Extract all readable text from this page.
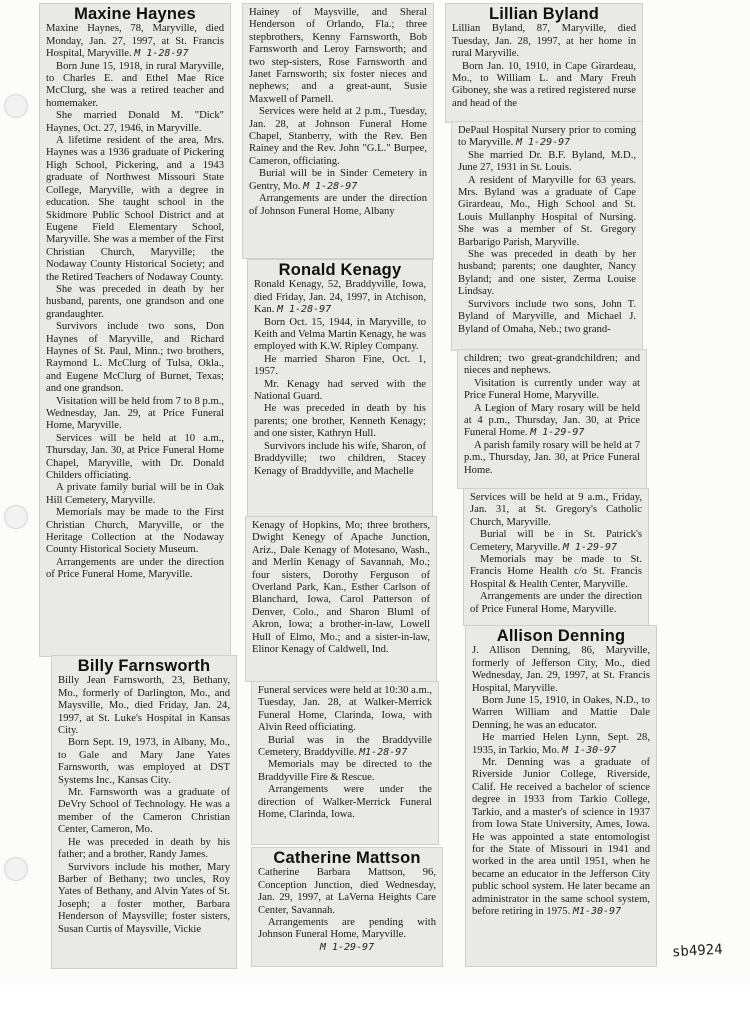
Maxine Haynes

Maxine Haynes, 78, Maryville, died Monday, Jan. 27, 1997, at St. Francis Hospital, Maryville. M 1-28-97

Born June 15, 1918, in rural Maryville, to Charles E. and Ethel Mae Rice McClurg, she was a retired teacher and homemaker.

She married Donald M. "Dick" Haynes, Oct. 27, 1946, in Maryville.

A lifetime resident of the area, Mrs. Haynes was a 1936 graduate of Pickering High School, Pickering, and a 1943 graduate of Northwest Missouri State College, Maryville, with a degree in education. She taught school in the Skidmore Public School District and at Eugene Field Elementary School, Maryville. She was a member of the First Christian Church, Maryville; the Nodaway County Historical Society; and the Retired Teachers of Nodaway County.

She was preceded in death by her husband, parents, one grandson and one grandaughter.

Survivors include two sons, Don Haynes of Maryville, and Richard Haynes of St. Paul, Minn.; two brothers, Raymond L. McClurg of Tulsa, Okla., and Eugene McClurg of Burnet, Texas; and one grandson.

Visitation will be held from 7 to 8 p.m., Wednesday, Jan. 29, at Price Funeral Home, Maryville.

Services will be held at 10 a.m., Thursday, Jan. 30, at Price Funeral Home Chapel, Maryville, with Dr. Donald Childers officiating.

A private family burial will be in Oak Hill Cemetery, Maryville.

Memorials may be made to the First Christian Church, Maryville, or the Heritage Collection at the Nodaway County Historical Society Museum.

Arrangements are under the direction of Price Funeral Home, Maryville.

Billy Farnsworth

Billy Jean Farnsworth, 23, Bethany, Mo., formerly of Darlington, Mo., and Maysville, Mo., died Friday, Jan. 24, 1997, at St. Luke's Hospital in Kansas City.

Born Sept. 19, 1973, in Albany, Mo., to Gale and Mary Jane Yates Farnsworth, was employed at DST Systems Inc., Kansas City.

Mr. Farnsworth was a graduate of DeVry School of Technology. He was a member of the Cameron Christian Center, Cameron, Mo.

He was preceded in death by his father; and a brother, Randy James.

Survivors include his mother, Mary Barber of Bethany; two uncles, Roy Yates of Bethany, and Alvin Yates of St. Joseph; a foster mother, Barbara Henderson of Maysville; foster sisters, Susan Curtis of Maysville, Vickie

Hainey of Maysville, and Sheral Henderson of Orlando, Fla.; three stepbrothers, Kenny Farnsworth, Bob Farnsworth and Leroy Farnsworth; and two step-sisters, Rose Farnsworth and Janet Farnsworth; six foster nieces and nephews; and a great-aunt, Susie Maxwell of Parnell.

Services were held at 2 p.m., Tuesday, Jan. 28, at Johnson Funeral Home Chapel, Stanberry, with the Rev. Ben Rainey and the Rev. John "G.L." Burpee, Cameron, officiating.

Burial will be in Sinder Cemetery in Gentry, Mo. M 1-28-97

Arrangements are under the direction of Johnson Funeral Home, Albany

Ronald Kenagy

Ronald Kenagy, 52, Braddyville, Iowa, died Friday, Jan. 24, 1997, in Atchison, Kan. M 1-28-97

Born Oct. 15, 1944, in Maryville, to Keith and Velma Martin Kenagy, he was employed with K.W. Ripley Company.

He married Sharon Fine, Oct. 1, 1957.

Mr. Kenagy had served with the National Guard.

He was preceded in death by his parents; one brother, Kenneth Kenagy; and one sister, Kathryn Hull.

Survivors include his wife, Sharon, of Braddyville; two children, Stacey Kenagy of Braddyville, and Machelle

Kenagy of Hopkins, Mo; three brothers, Dwight Kenegy of Apache Junction, Ariz., Dale Kenagy of Motesano, Wash., and Merlin Kenagy of Savannah, Mo.; four sisters, Dorothy Ferguson of Overland Park, Kan., Esther Carlson of Blanchard, Iowa, Carol Patterson of Denver, Colo., and Sharon Bluml of Akron, Iowa; a brother-in-law, Lowell Hull of Elmo, Mo.; and a sister-in-law, Elinor Kenagy of Caldwell, Ind.

Funeral services were held at 10:30 a.m., Tuesday, Jan. 28, at Walker-Merrick Funeral Home, Clarinda, Iowa, with Alvin Reed officiating.

Burial was in the Braddyville Cemetery, Braddyville. M1-28-97

Memorials may be directed to the Braddyville Fire & Rescue.

Arrangements were under the direction of Walker-Merrick Funeral Home, Clarinda, Iowa.

Catherine Mattson

Catherine Barbara Mattson, 96, Conception Junction, died Wednesday, Jan. 29, 1997, at LaVerna Heights Care Center, Savannah.

Arrangements are pending with Johnson Funeral Home, Maryville.

M 1-29-97

Lillian Byland

Lillian Byland, 87, Maryville, died Tuesday, Jan. 28, 1997, at her home in rural Maryville.

Born Jan. 10, 1910, in Cape Girardeau, Mo., to William L. and Mary Freuh Giboney, she was a retired registered nurse and head of the

DePaul Hospital Nursery prior to coming to Maryville. M 1-29-97

She married Dr. B.F. Byland, M.D., June 27, 1931 in St. Louis.

A resident of Maryville for 63 years. Mrs. Byland was a graduate of Cape Girardeau, Mo., High School and St. Louis Mullanphy Hospital of Nursing. She was a member of St. Gregory Barbarigo Parish, Maryville.

She was preceded in death by her husband; parents; one daughter, Nancy Byland; and one sister, Zerma Louise Lindsay.

Survivors include two sons, John T. Byland of Maryville, and Michael J. Byland of Omaha, Neb.; two grand-

children; two great-grandchildren; and nieces and nephews.

Visitation is currently under way at Price Funeral Home, Maryville.

A Legion of Mary rosary will be held at 4 p.m., Thursday, Jan. 30, at Price Funeral Home. M 1-29-97

A parish family rosary will be held at 7 p.m., Thursday, Jan. 30, at Price Funeral Home.

Services will be held at 9 a.m., Friday, Jan. 31, at St. Gregory's Catholic Church, Maryville.

Burial will be in St. Patrick's Cemetery, Maryville. M 1-29-97

Memorials may be made to St. Francis Home Health c/o St. Francis Hospital & Health Center, Maryville.

Arrangements are under the direction of Price Funeral Home, Maryville.

Allison Denning

J. Allison Denning, 86, Maryville, formerly of Jefferson City, Mo., died Wednesday, Jan. 29, 1997, at St. Francis Hospital, Maryville.

Born June 15, 1910, in Oakes, N.D., to Warren William and Mattie Dale Denning, he was an educator.

He married Helen Lynn, Sept. 28, 1935, in Tarkio, Mo. M 1-30-97

Mr. Denning was a graduate of Riverside Junior College, Riverside, Calif. He received a bachelor of science degree in 1933 from Tarkio College, Tarkio, and a master's of science in 1937 from Iowa State University, Ames, Iowa. He was appointed a state entomologist for the State of Missouri in 1941 and worked in the area until 1951, when he became an educator in the Jefferson City public school system. He later became an administrator in the same school system, before retiring in 1975. M1-30-97

sb4924
